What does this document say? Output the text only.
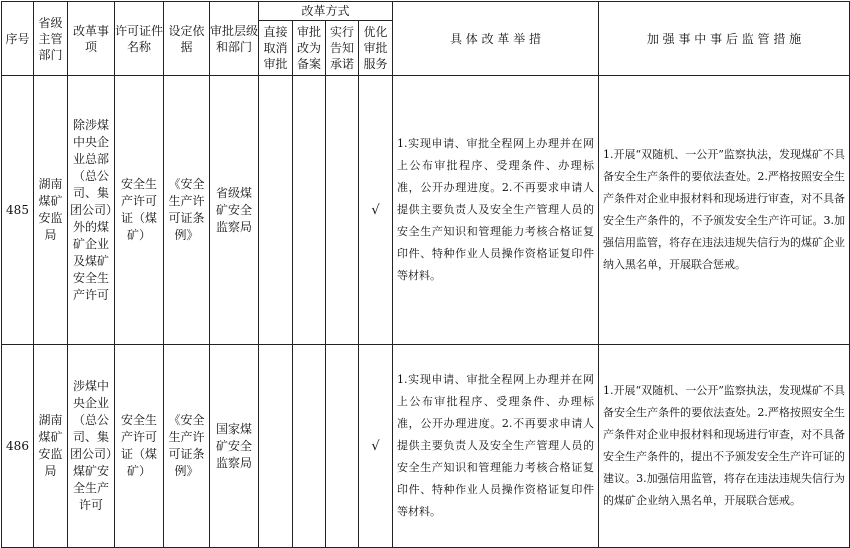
序号	省级主管部门	改革事项	许可证件名称	设定依据	审批层级和部门	改革方式				具 体 改 革 举 措	加 强 事 中 事 后 监 管 措 施
						直接取消审批	审批改为备案	实行告知承诺	优化审批服务		
485	湖南煤矿安监局	除涉煤中央企业总部（总公司、集团公司）外的煤矿企业及煤矿安全生产许可	安全生产许可证（煤矿）	《安全生产许可证条例》	省级煤矿安全监察局				√	1.实现申请、审批全程网上办理并在网上公布审批程序、受理条件、办理标准，公开办理进度。2.不再要求申请人提供主要负责人及安全生产管理人员的安全生产知识和管理能力考核合格证复印件、特种作业人员操作资格证复印件等材料。	1.开展“双随机、一公开”监察执法，发现煤矿不具备安全生产条件的要依法查处。2.严格按照安全生产条件对企业申报材料和现场进行审查，对不具备安全生产条件的，不予颁发安全生产许可证。3.加强信用监管，将存在违法违规失信行为的煤矿企业纳入黑名单，开展联合惩戒。
486	湖南煤矿安监局	涉煤中央企业（总公司、集团公司）煤矿安全生产许可	安全生产许可证（煤矿）	《安全生产许可证条例》	国家煤矿安全监察局				√	1.实现申请、审批全程网上办理并在网上公布审批程序、受理条件、办理标准，公开办理进度。2.不再要求申请人提供主要负责人及安全生产管理人员的安全生产知识和管理能力考核合格证复印件、特种作业人员操作资格证复印件等材料。	1.开展“双随机、一公开”监察执法，发现煤矿不具备安全生产条件的要依法查处。2.严格按照安全生产条件对企业申报材料和现场进行审查，对不具备安全生产条件的，提出不予颁发安全生产许可证的建议。3.加强信用监管，将存在违法违规失信行为的煤矿企业纳入黑名单，开展联合惩戒。
